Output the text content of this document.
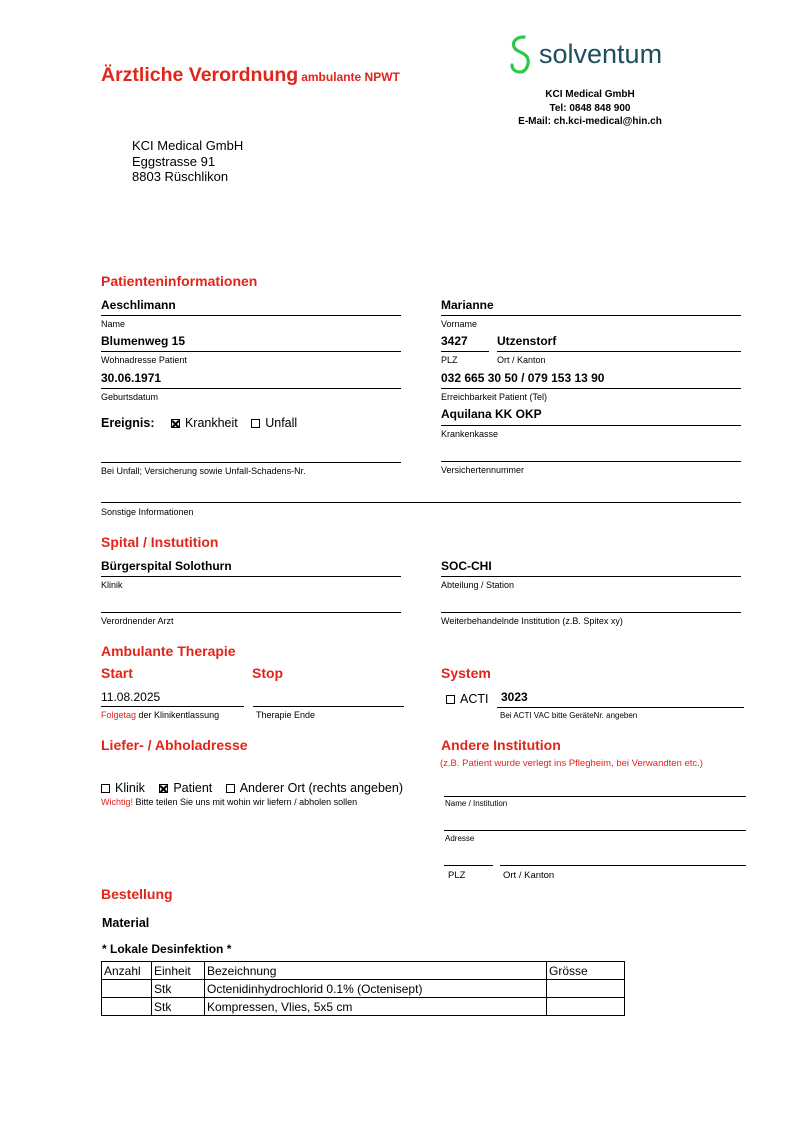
Ärztliche Verordnung ambulante NPWT
solventum
KCI Medical GmbH
Tel: 0848 848 900
E-Mail: ch.kci-medical@hin.ch
KCI Medical GmbH
Eggstrasse 91
8803 Rüschlikon
Patienteninformationen
Aeschlimann
Name
Marianne
Vorname
Blumenweg 15
Wohnadresse Patient
3427
PLZ
Utzenstorf
Ort / Kanton
30.06.1971
Geburtsdatum
032 665 30 50 / 079 153 13 90
Erreichbarkeit Patient (Tel)
Ereignis: Krankheit Unfall
Aquilana KK OKP
Krankenkasse
Bei Unfall; Versicherung sowie Unfall-Schadens-Nr.	Versichertennummer
Sonstige Informationen
Spital / Instutition
Bürgerspital Solothurn
Klinik
SOC-CHI
Abteilung / Station
Verordnender Arzt	Weiterbehandelnde Institution (z.B. Spitex xy)
Ambulante Therapie
Start	Stop	System
11.08.2025
Folgetag der Klinikentlassung	Therapie Ende
ACTI 3023
Bei ACTI VAC bitte GeräteNr. angeben
Liefer- / Abholadresse
Klinik Patient Anderer Ort (rechts angeben)
Wichtig! Bitte teilen Sie uns mit wohin wir liefern / abholen sollen
Andere Institution
(z.B. Patient wurde verlegt ins Pflegheim, bei Verwandten etc.)
Name / Institution
Adresse
PLZ	Ort / Kanton
Bestellung
Material
* Lokale Desinfektion *
Anzahl	Einheit	Bezeichnung	Grösse
	Stk	Octenidinhydrochlorid 0.1% (Octenisept)	
	Stk	Kompressen, Vlies, 5x5 cm	
